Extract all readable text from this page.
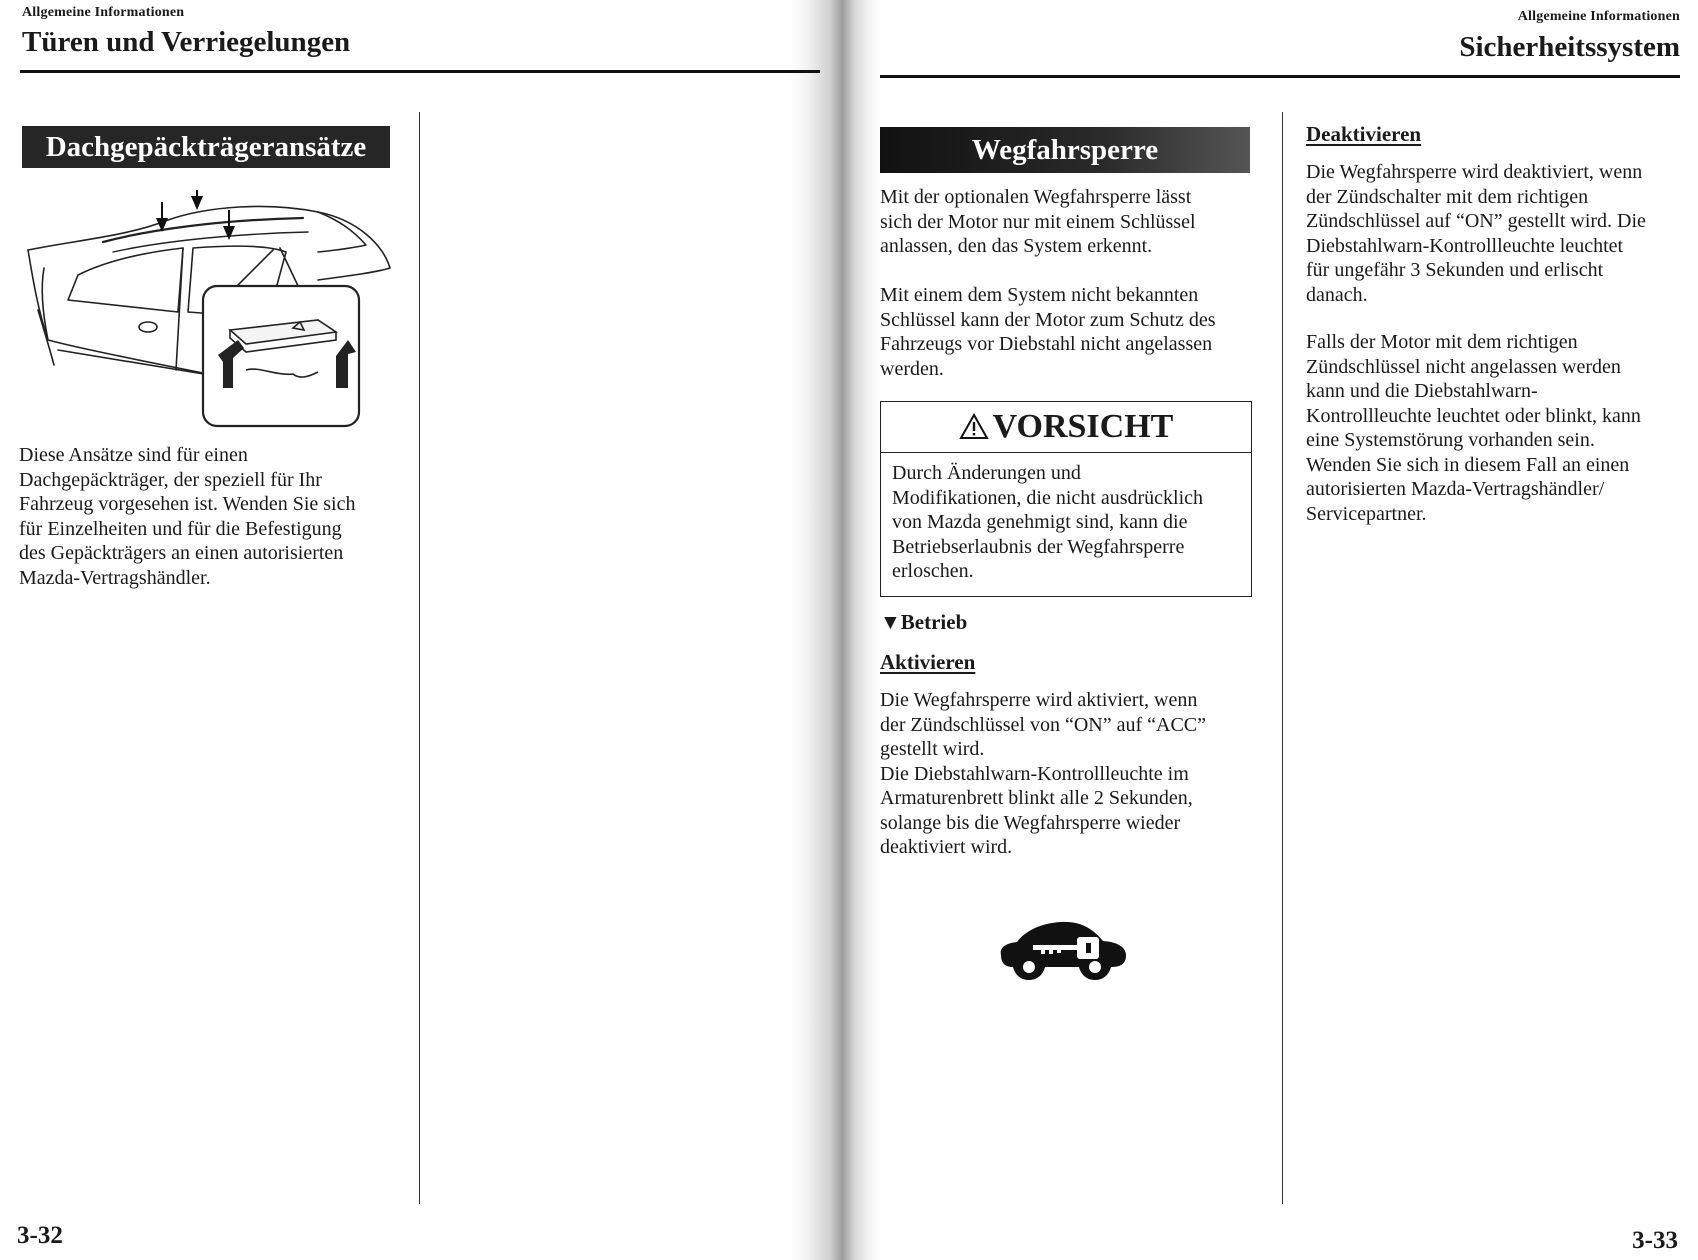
Allgemeine Informationen
Türen und Verriegelungen
Dachgepäckträgeransätze

Diese Ansätze sind für einen
Dachgepäckträger, der speziell für Ihr
Fahrzeug vorgesehen ist. Wenden Sie sich
für Einzelheiten und für die Befestigung
des Gepäckträgers an einen autorisierten
Mazda-Vertragshändler.

3-32
Allgemeine Informationen
Sicherheitssystem
Wegfahrsperre

Mit der optionalen Wegfahrsperre lässt
sich der Motor nur mit einem Schlüssel
anlassen, den das System erkennt.

Mit einem dem System nicht bekannten
Schlüssel kann der Motor zum Schutz des
Fahrzeugs vor Diebstahl nicht angelassen
werden.

VORSICHT

Durch Änderungen und
Modifikationen, die nicht ausdrücklich
von Mazda genehmigt sind, kann die
Betriebserlaubnis der Wegfahrsperre
erloschen.

▼Betrieb
Aktivieren

Die Wegfahrsperre wird aktiviert, wenn
der Zündschlüssel von “ON” auf “ACC”
gestellt wird.
Die Diebstahlwarn-Kontrollleuchte im
Armaturenbrett blinkt alle 2 Sekunden,
solange bis die Wegfahrsperre wieder
deaktiviert wird.

Deaktivieren

Die Wegfahrsperre wird deaktiviert, wenn
der Zündschalter mit dem richtigen
Zündschlüssel auf “ON” gestellt wird. Die
Diebstahlwarn-Kontrollleuchte leuchtet
für ungefähr 3 Sekunden und erlischt
danach.

Falls der Motor mit dem richtigen
Zündschlüssel nicht angelassen werden
kann und die Diebstahlwarn-
Kontrollleuchte leuchtet oder blinkt, kann
eine Systemstörung vorhanden sein.
Wenden Sie sich in diesem Fall an einen
autorisierten Mazda-Vertragshändler/
Servicepartner.

3-33
